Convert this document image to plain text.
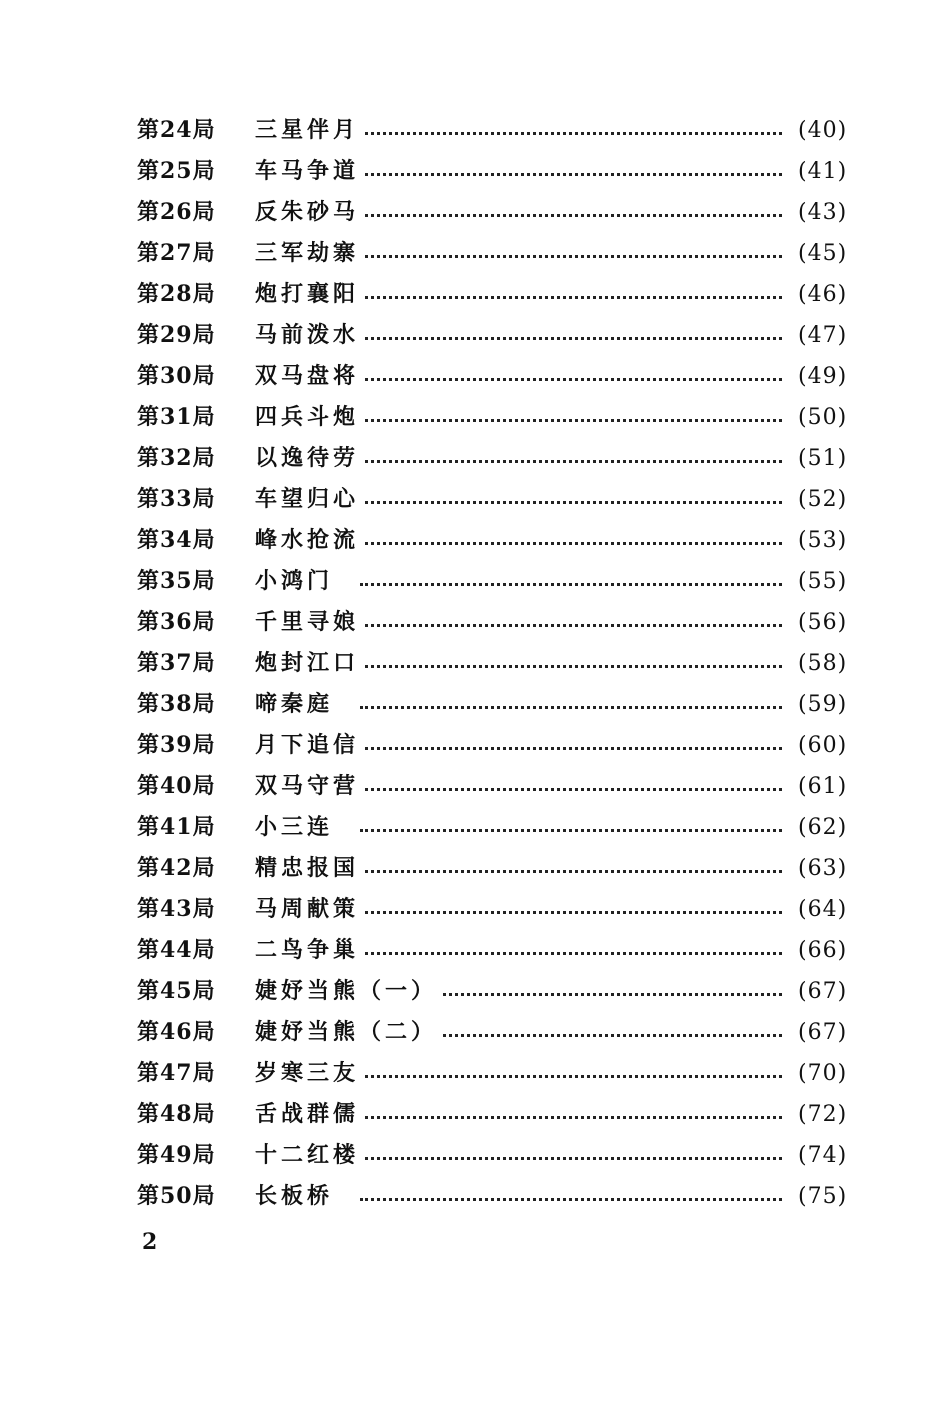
第24局 三星伴月	(40)
第25局 车马争道	(41)
第26局 反朱砂马	(43)
第27局 三军劫寨	(45)
第28局 炮打襄阳	(46)
第29局 马前泼水	(47)
第30局 双马盘将	(49)
第31局 四兵斗炮	(50)
第32局 以逸待劳	(51)
第33局 车望归心	(52)
第34局 峰水抢流	(53)
第35局 小鸿门	(55)
第36局 千里寻娘	(56)
第37局 炮封江口	(58)
第38局 啼秦庭	(59)
第39局 月下追信	(60)
第40局 双马守营	(61)
第41局 小三连	(62)
第42局 精忠报国	(63)
第43局 马周献策	(64)
第44局 二鸟争巢	(66)
第45局 婕妤当熊（一）	(67)
第46局 婕妤当熊（二）	(67)
第47局 岁寒三友	(70)
第48局 舌战群儒	(72)
第49局 十二红楼	(74)
第50局 长板桥	(75)
2
